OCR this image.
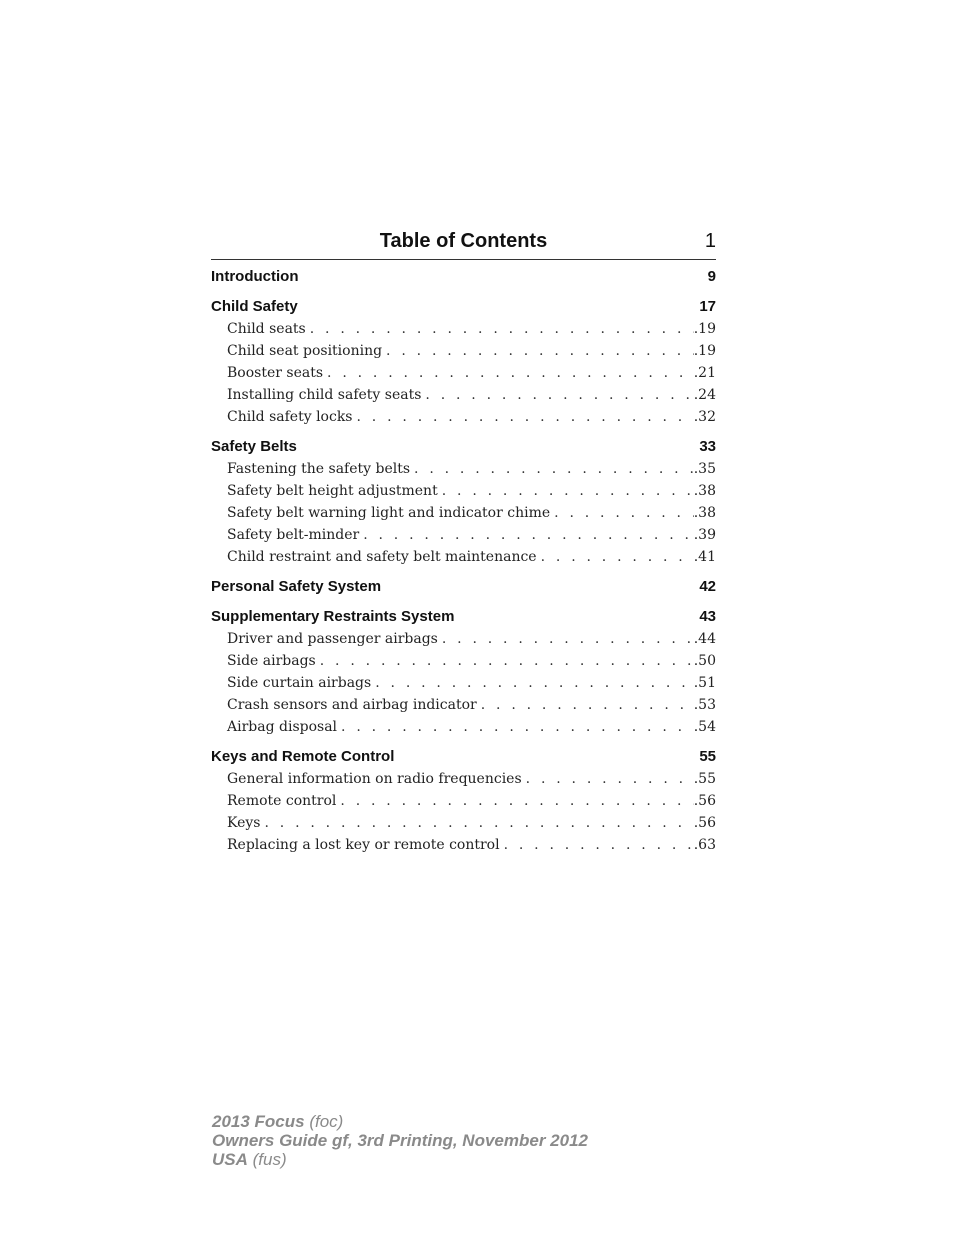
Table of Contents	1
Introduction	9
Child Safety	17
Child seats . . .	.19
Child seat positioning . . .	.19
Booster seats . . .	.21
Installing child safety seats . . .	.24
Child safety locks . . .	.32
Safety Belts	33
Fastening the safety belts . . .	.35
Safety belt height adjustment . . .	.38
Safety belt warning light and indicator chime . . .	.38
Safety belt-minder . . .	.39
Child restraint and safety belt maintenance . . .	.41
Personal Safety System	42
Supplementary Restraints System	43
Driver and passenger airbags . . .	.44
Side airbags . . .	.50
Side curtain airbags . . .	.51
Crash sensors and airbag indicator . . .	.53
Airbag disposal . . .	.54
Keys and Remote Control	55
General information on radio frequencies . . .	.55
Remote control . . .	.56
Keys . . .	.56
Replacing a lost key or remote control . . .	.63
2013 Focus (foc)
Owners Guide gf, 3rd Printing, November 2012
USA (fus)
